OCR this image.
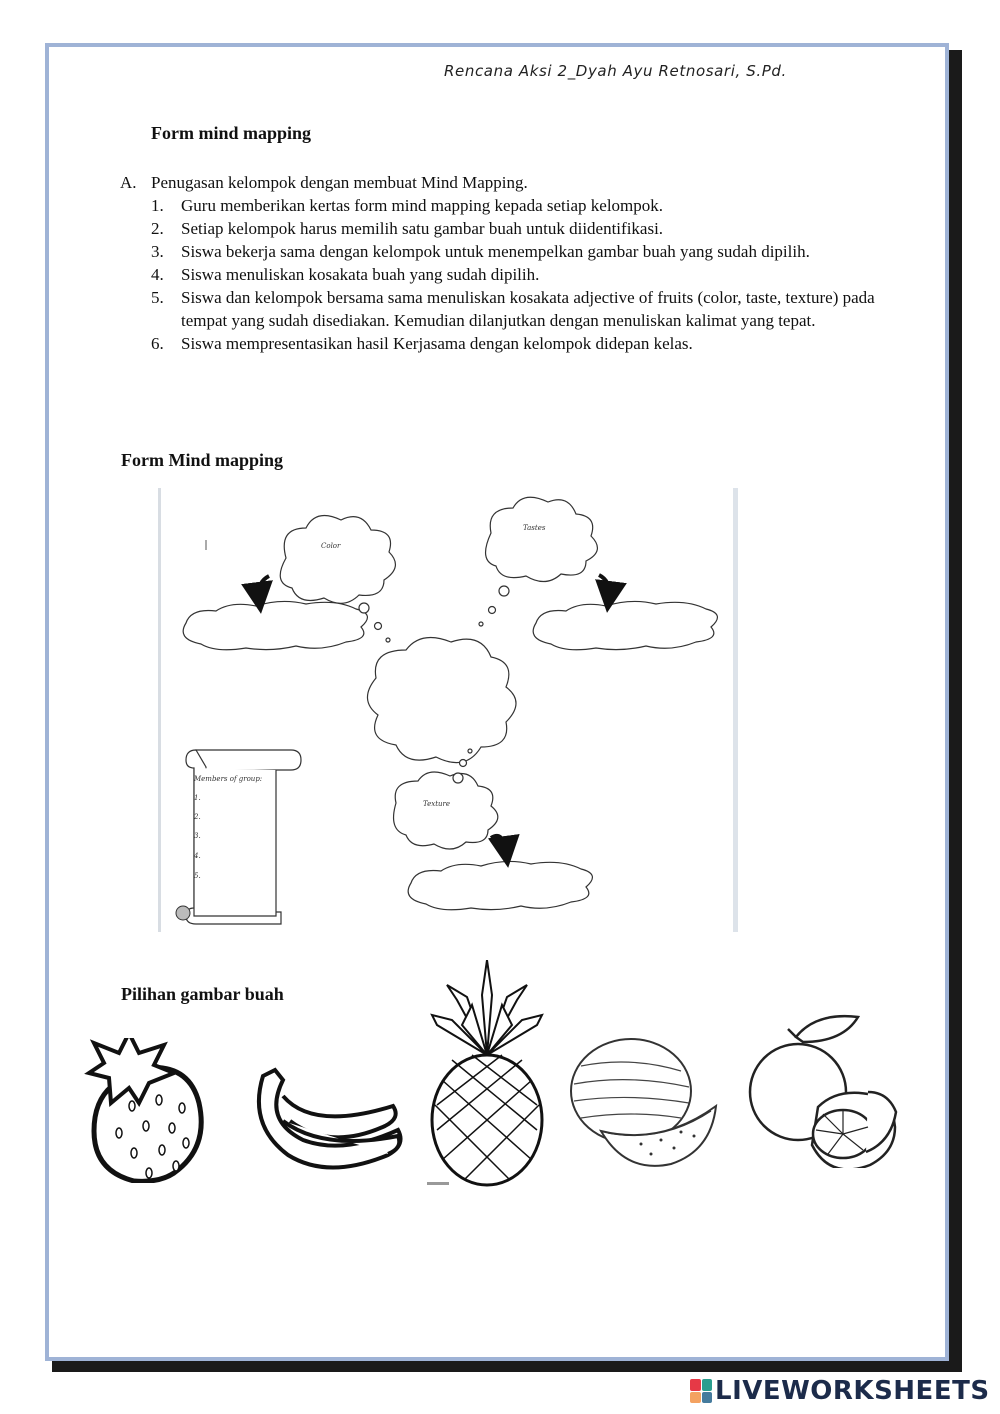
Rencana Aksi 2_Dyah Ayu Retnosari, S.Pd.
Form mind mapping
A. Penugasan kelompok dengan membuat Mind Mapping.
1.	Guru memberikan kertas form mind mapping kepada setiap kelompok.
2.	Setiap kelompok harus memilih satu gambar buah untuk diidentifikasi.
3.	Siswa bekerja sama dengan kelompok untuk menempelkan gambar buah yang sudah dipilih.
4.	Siswa menuliskan kosakata buah yang sudah dipilih.
5.	Siswa dan kelompok bersama sama menuliskan kosakata adjective of fruits (color, taste, texture) pada tempat yang sudah disediakan. Kemudian dilanjutkan dengan menuliskan kalimat yang tepat.
6.	Siswa mempresentasikan hasil Kerjasama dengan kelompok didepan kelas.
Form Mind mapping
Color
Tastes
Texture
Members of group:
1.
2.
3.
4.
5.
Pilihan gambar buah
LIVEWORKSHEETS
